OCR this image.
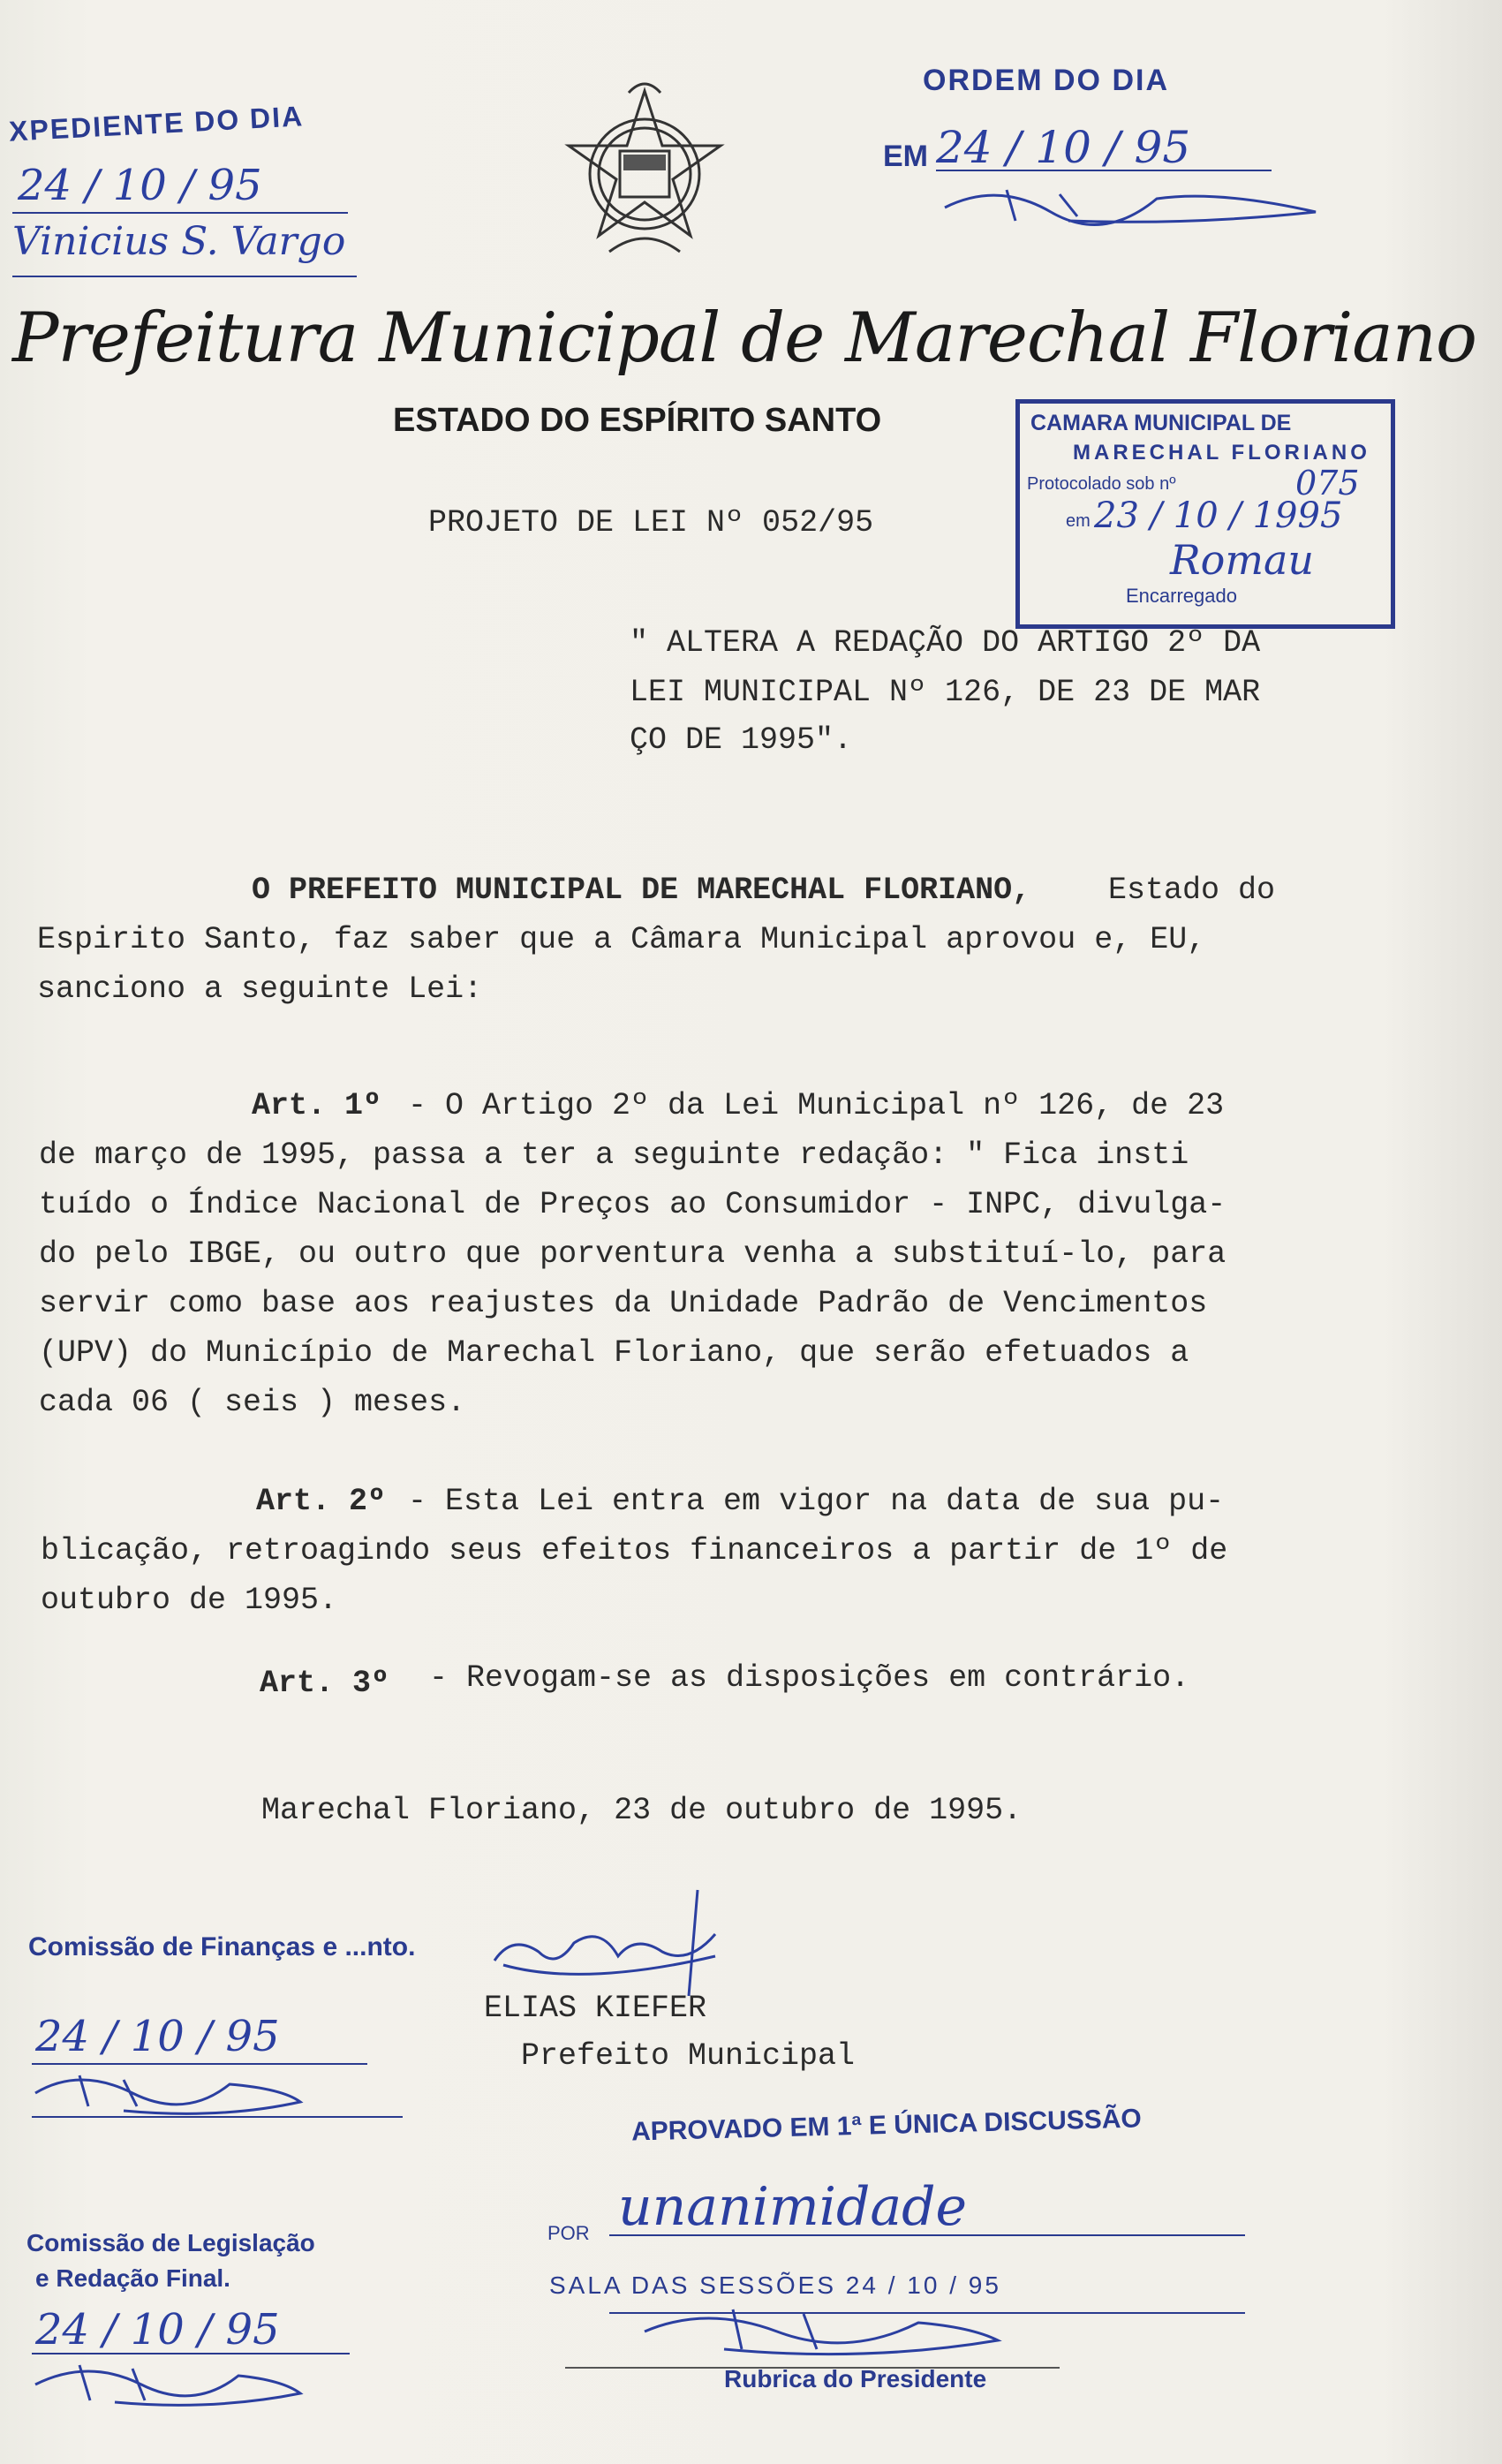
XPEDIENTE DO DIA
24 / 10 / 95
Vinicius S. Vargo
ORDEM DO DIA
EM 24 / 10 / 95
Prefeitura Municipal de Marechal Floriano
ESTADO DO ESPÍRITO SANTO	CAMARA MUNICIPAL DE
MARECHAL FLORIANO
Protocolado sob nº	075
em 23 / 10 / 1995
Romau
Encarregado
PROJETO DE LEI Nº 052/95
" ALTERA A REDAÇÃO DO ARTIGO 2º DA
LEI MUNICIPAL Nº 126, DE 23 DE MAR
ÇO DE 1995".
O PREFEITO MUNICIPAL DE MARECHAL FLORIANO,	Estado do
Espirito Santo, faz saber que a Câmara Municipal aprovou e, EU,
sanciono a seguinte Lei:
Art. 1º - O Artigo 2º da Lei Municipal nº 126, de 23
de março de 1995, passa a ter a seguinte redação: " Fica insti
tuído o Índice Nacional de Preços ao Consumidor - INPC, divulga-
do pelo IBGE, ou outro que porventura venha a substituí-lo, para
servir como base aos reajustes da Unidade Padrão de Vencimentos
(UPV) do Município de Marechal Floriano, que serão efetuados a
cada 06 ( seis ) meses.
Art. 2º - Esta Lei entra em vigor na data de sua pu-
blicação, retroagindo seus efeitos financeiros a partir de 1º de
outubro de 1995.
Art. 3º - Revogam-se as disposições em contrário.
Marechal Floriano, 23 de outubro de 1995.
Comissão de Finanças e ...nto.
24 / 10 / 95
ELIAS KIEFER
Prefeito Municipal
APROVADO EM 1ª E ÚNICA DISCUSSÃO
POR unanimidade
SALA DAS SESSÕES 24 / 10 / 95
Rubrica do Presidente
Comissão de Legislação
e Redação Final.
24 / 10 / 95
